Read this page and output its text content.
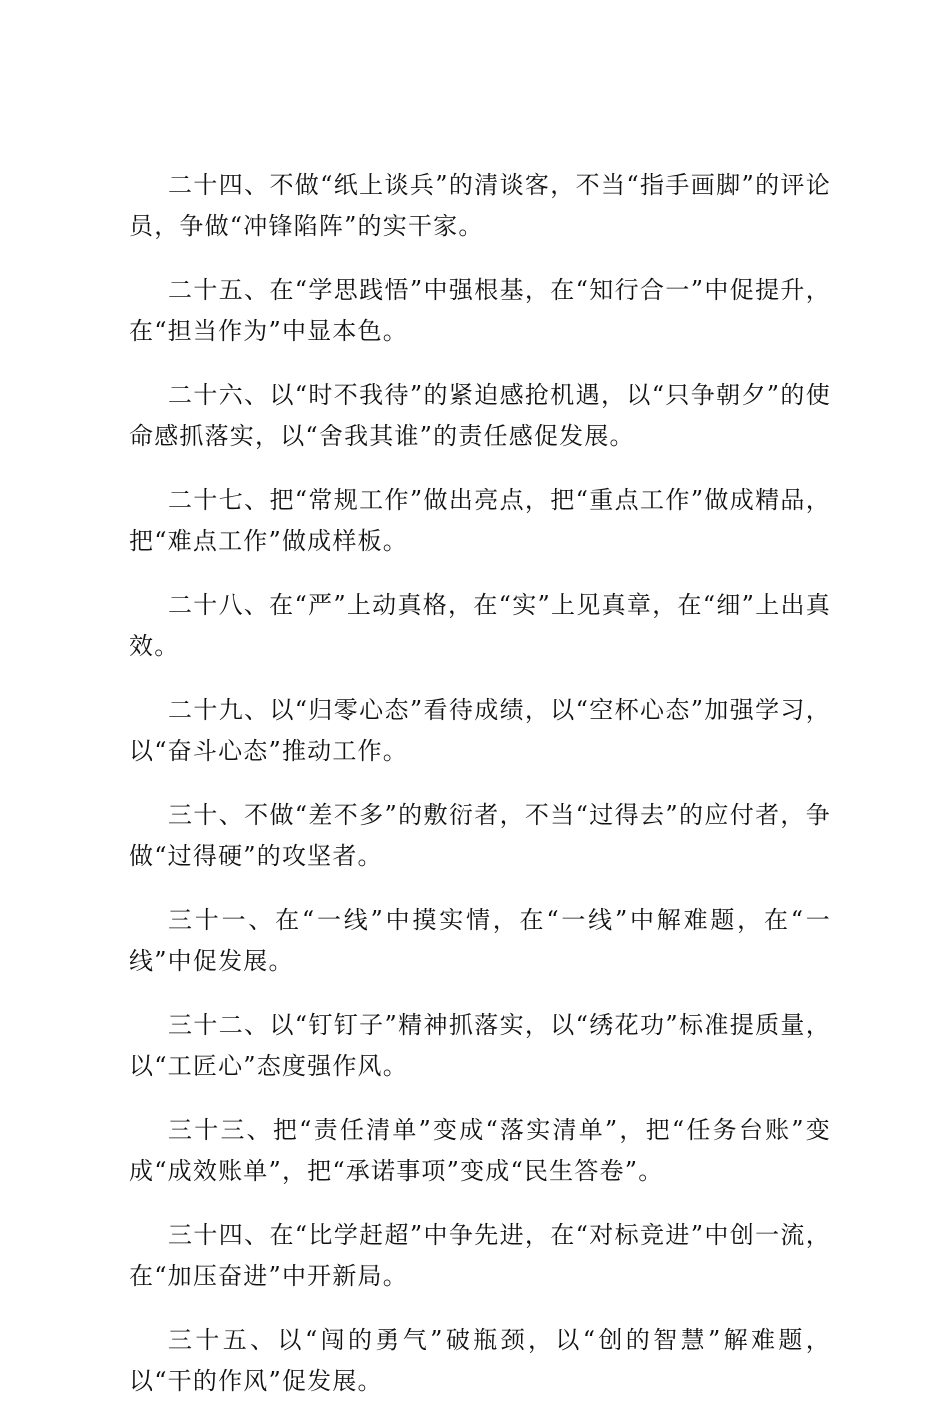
二十四、不做“纸上谈兵”的清谈客，不当“指手画脚”的评论员，争做“冲锋陷阵”的实干家。

二十五、在“学思践悟”中强根基，在“知行合一”中促提升，在“担当作为”中显本色。

二十六、以“时不我待”的紧迫感抢机遇，以“只争朝夕”的使命感抓落实，以“舍我其谁”的责任感促发展。

二十七、把“常规工作”做出亮点，把“重点工作”做成精品，把“难点工作”做成样板。

二十八、在“严”上动真格，在“实”上见真章，在“细”上出真效。

二十九、以“归零心态”看待成绩，以“空杯心态”加强学习，以“奋斗心态”推动工作。

三十、不做“差不多”的敷衍者，不当“过得去”的应付者，争做“过得硬”的攻坚者。

三十一、在“一线”中摸实情，在“一线”中解难题，在“一线”中促发展。

三十二、以“钉钉子”精神抓落实，以“绣花功”标准提质量，以“工匠心”态度强作风。

三十三、把“责任清单”变成“落实清单”，把“任务台账”变成“成效账单”，把“承诺事项”变成“民生答卷”。

三十四、在“比学赶超”中争先进，在“对标竞进”中创一流，在“加压奋进”中开新局。

三十五、以“闯的勇气”破瓶颈，以“创的智慧”解难题，以“干的作风”促发展。
